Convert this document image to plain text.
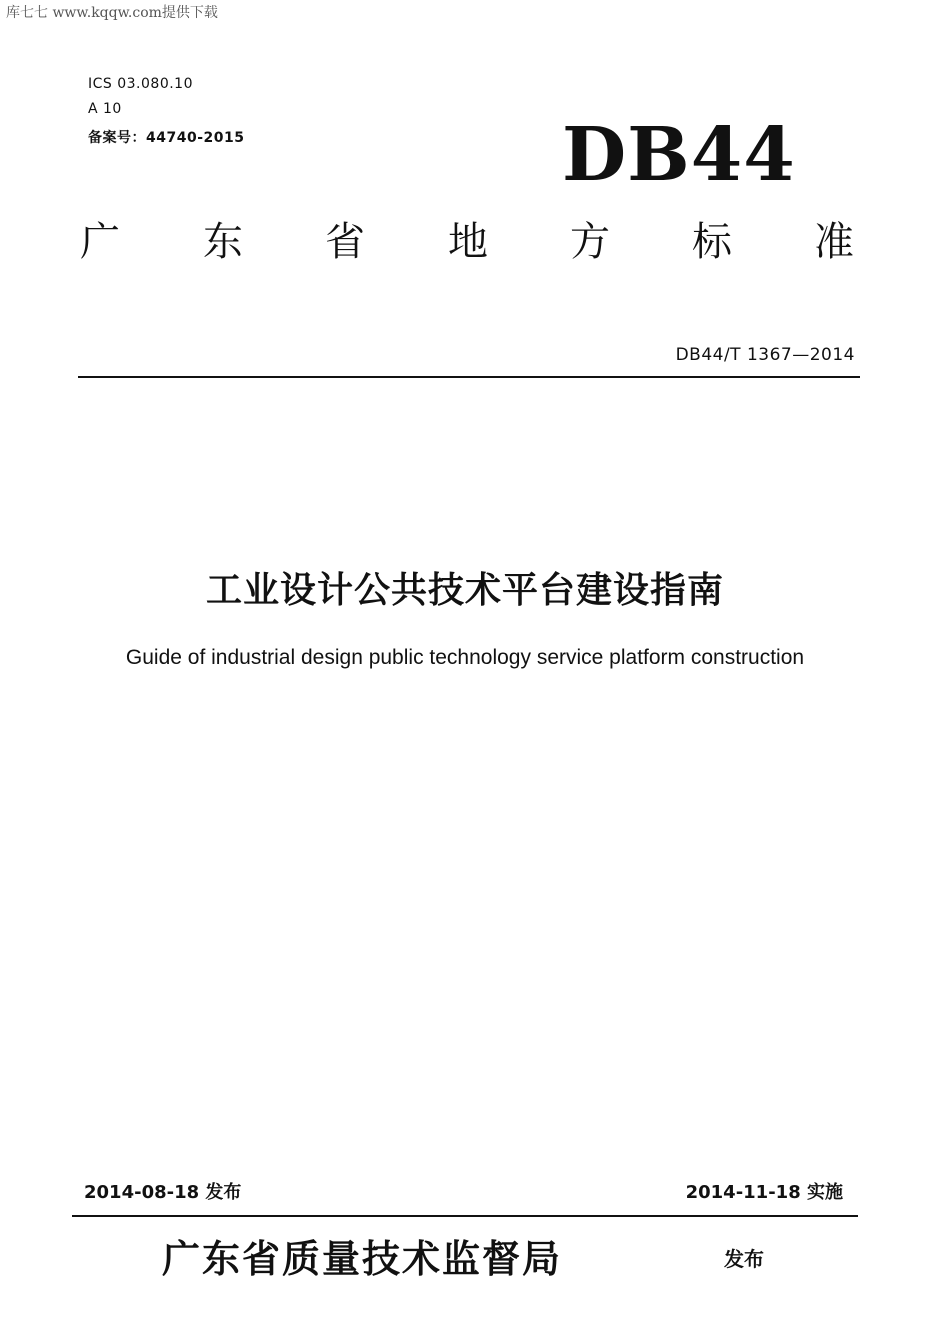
库七七 www.kqqw.com提供下载
ICS 03.080.10
A 10
备案号：44740-2015	DB44
广 东 省 地 方 标 准
DB44/T 1367—2014
工业设计公共技术平台建设指南
Guide of industrial design public technology service platform construction
2014-08-18 发布	2014-11-18 实施
广东省质量技术监督局	发布
